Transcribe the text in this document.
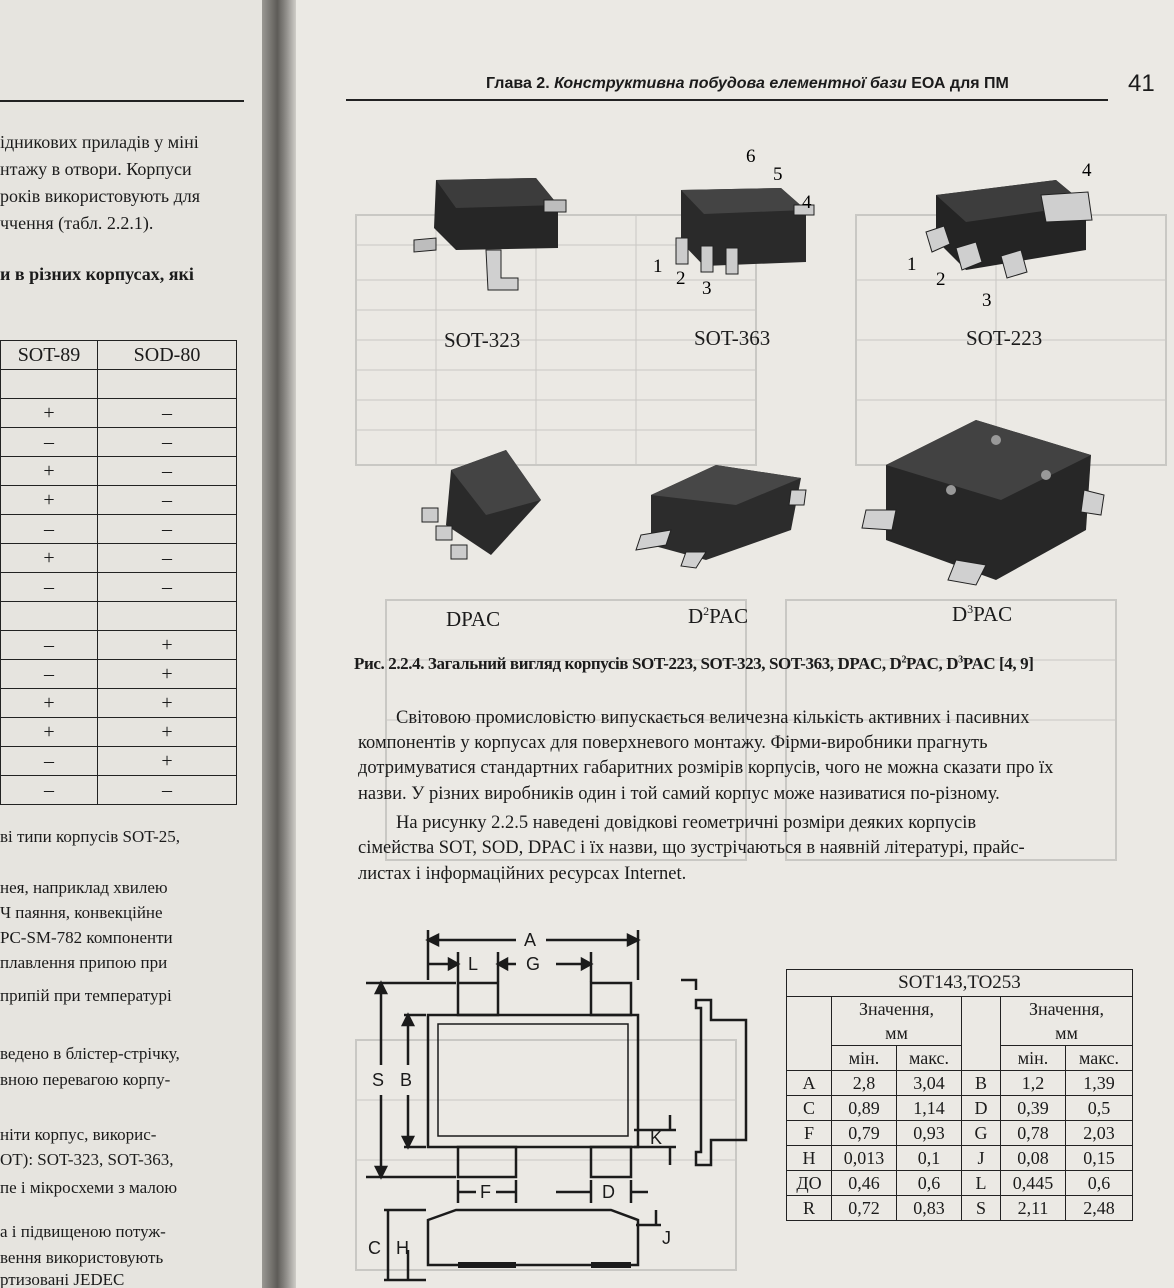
ідникових приладів у міні
нтажу в отвори. Корпуси
років використовують для
ччення (табл. 2.2.1).
и в різних корпусах, які
SOT-89	SOD-80

+	–
–	–
+	–
+	–
–	–
+	–
–	–

–	+
–	+
+	+
+	+
–	+
–	–
ві типи корпусів SOT-25,
нея, наприклад хвилею
Ч паяння, конвекційне
PC-SM-782 компоненти
плавлення припою при
припій при температурі
ведено в блістер-стрічку,
вною перевагою корпу-
ніти корпус, викорис-
OT): SOT-323, SOT-363,
пе і мікросхеми з малою
а і підвищеною потуж-
вення використовують
ртизовані JEDEC
Глава 2. Конструктивна побудова елементної бази ЕОА для ПМ	41
6
5
4
1
2 3
4
1
2
3
SOT-323	SOT-363	SOT-223
DPAC	$D^2PAC$	$D^3PAC$
Рис. 2.2.4. Загальний вигляд корпусів SOT-223, SOT-323, SOT-363, DPAC, $D^2PAC$, $D^3PAC$ [4, 9]
Світовою промисловістю випускається величезна кількість активних і пасивних
компонентів у корпусах для поверхневого монтажу. Фірми-виробники прагнуть
дотримуватися стандартних габаритних розмірів корпусів, чого не можна сказати про їх
назви. У різних виробників один і той самий корпус може називатися по-різному.
На рисунку 2.2.5 наведені довідкові геометричні розміри деяких корпусів
сімейства SOT, SOD, DPAC і їх назви, що зустрічаються в наявній літературі, прайс-
листах і інформаційних ресурсах Internet.
A
L	G
S B
K
F	D
C H	J
SOT143,TO253					
	Значення,			Значення,	
	мм			мм	
	мін.	макс.		мін.	макс.
A	2,8	3,04	B	1,2	1,39
C	0,89	1,14	D	0,39	0,5
F	0,79	0,93	G	0,78	2,03
H	0,013	0,1	J	0,08	0,15
ДО	0,46	0,6	L	0,445	0,6
R	0,72	0,83	S	2,11	2,48
